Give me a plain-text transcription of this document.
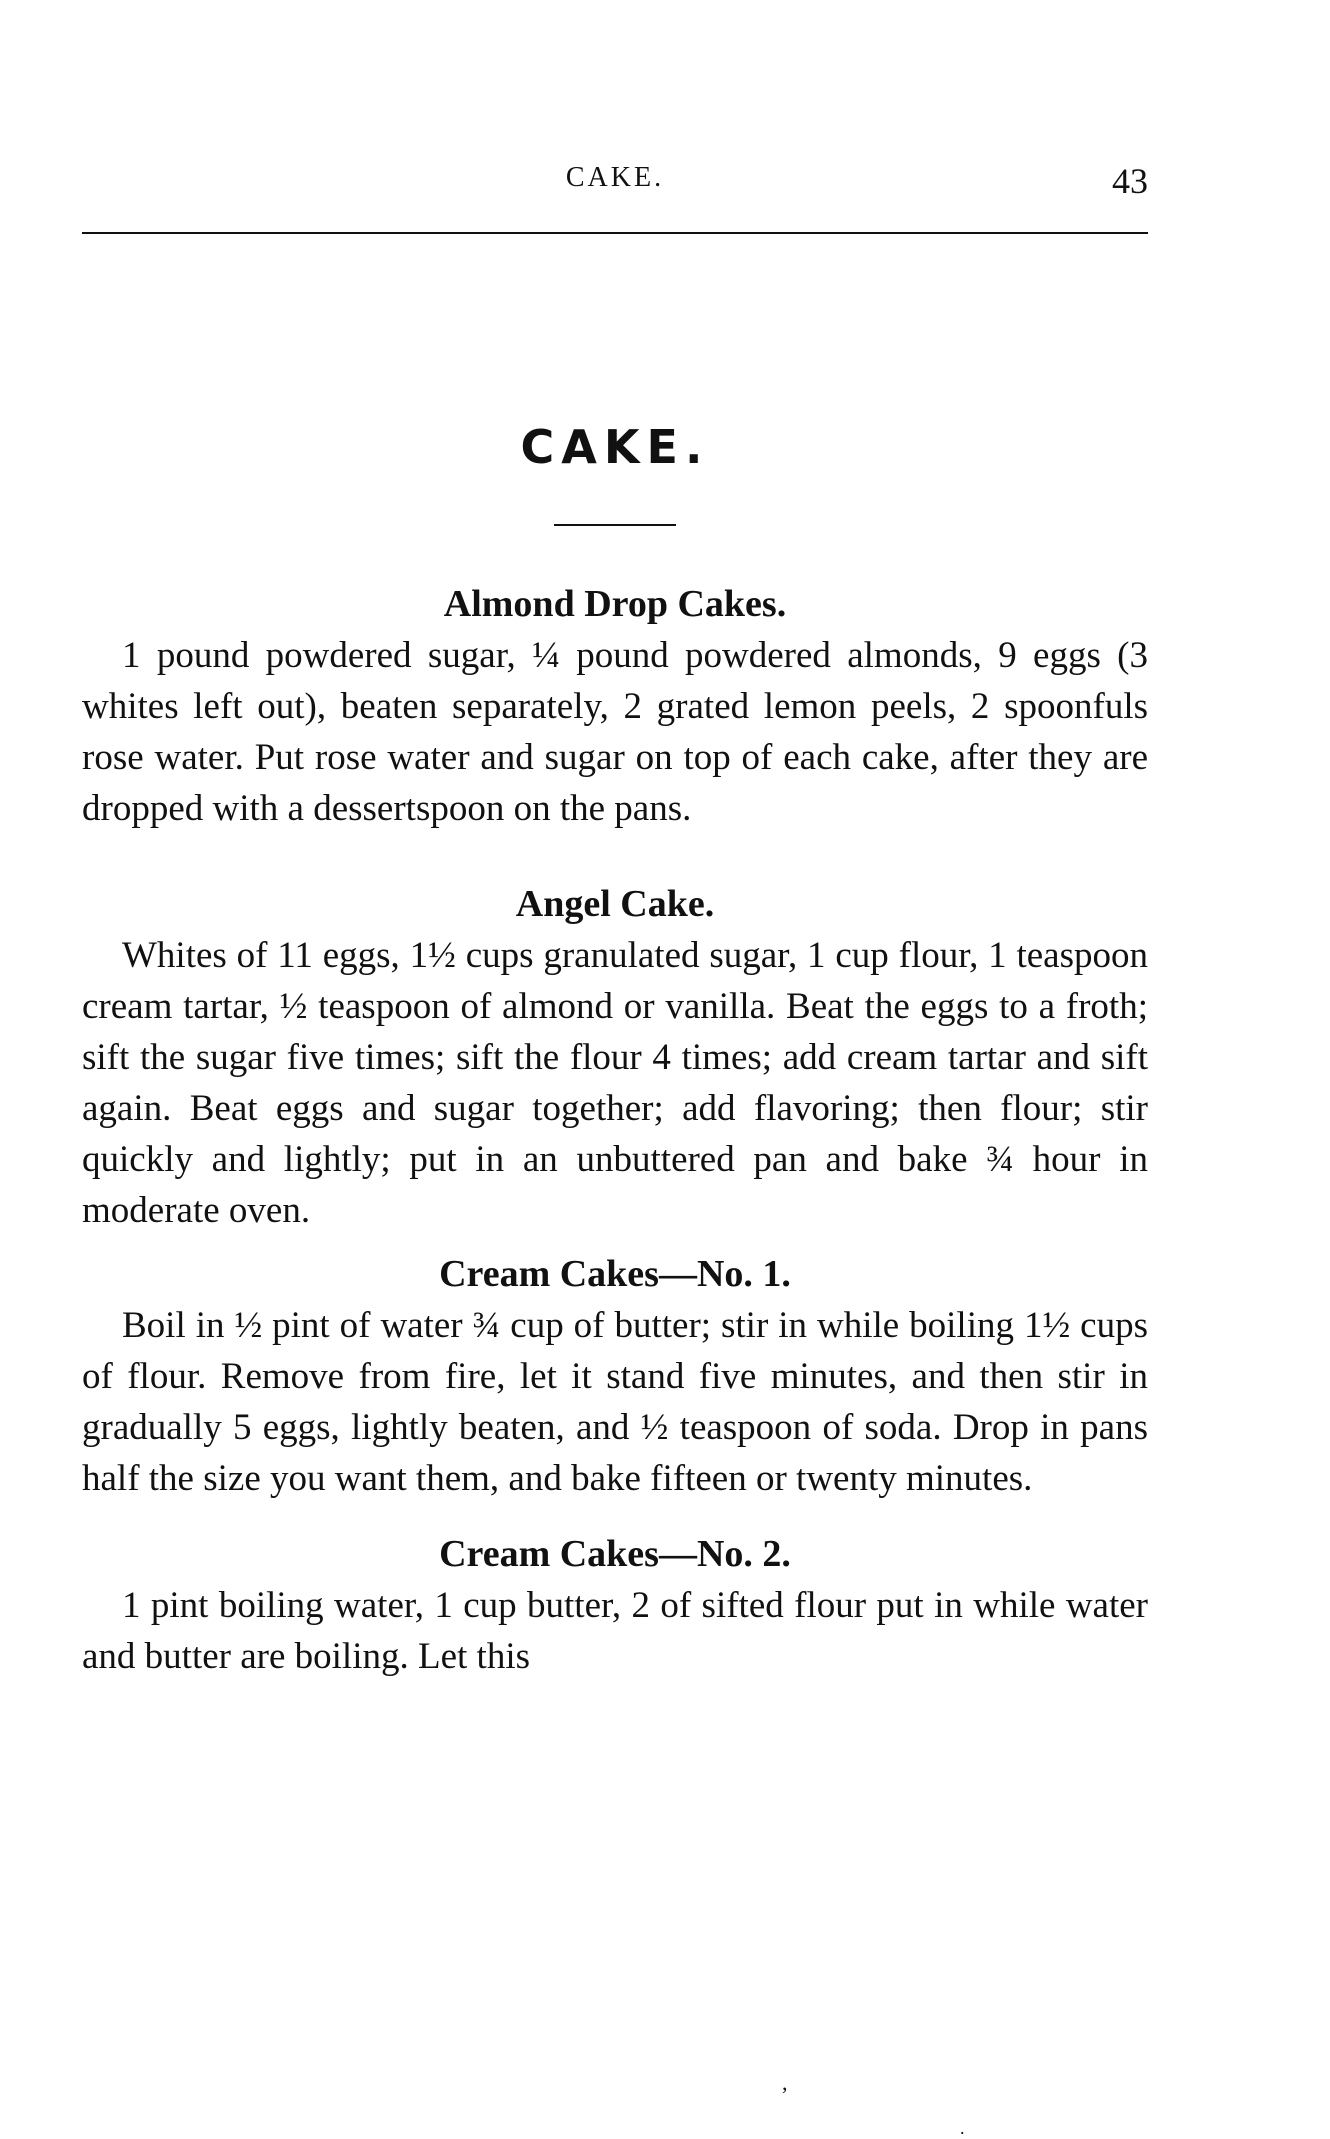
CAKE.	43
CAKE.
Almond Drop Cakes.

1 pound powdered sugar, ¼ pound powdered almonds, 9 eggs (3 whites left out), beaten separately, 2 grated lemon peels, 2 spoonfuls rose water. Put rose water and sugar on top of each cake, after they are dropped with a dessertspoon on the pans.

Angel Cake.

Whites of 11 eggs, 1½ cups granulated sugar, 1 cup flour, 1 teaspoon cream tartar, ½ teaspoon of almond or vanilla. Beat the eggs to a froth; sift the sugar five times; sift the flour 4 times; add cream tartar and sift again. Beat eggs and sugar together; add flavoring; then flour; stir quickly and lightly; put in an unbuttered pan and bake ¾ hour in moderate oven.

Cream Cakes—No. 1.

Boil in ½ pint of water ¾ cup of butter; stir in while boiling 1½ cups of flour. Remove from fire, let it stand five minutes, and then stir in gradually 5 eggs, lightly beaten, and ½ teaspoon of soda. Drop in pans half the size you want them, and bake fifteen or twenty minutes.

Cream Cakes—No. 2.

1 pint boiling water, 1 cup butter, 2 of sifted flour put in while water and butter are boiling. Let this

,
.
